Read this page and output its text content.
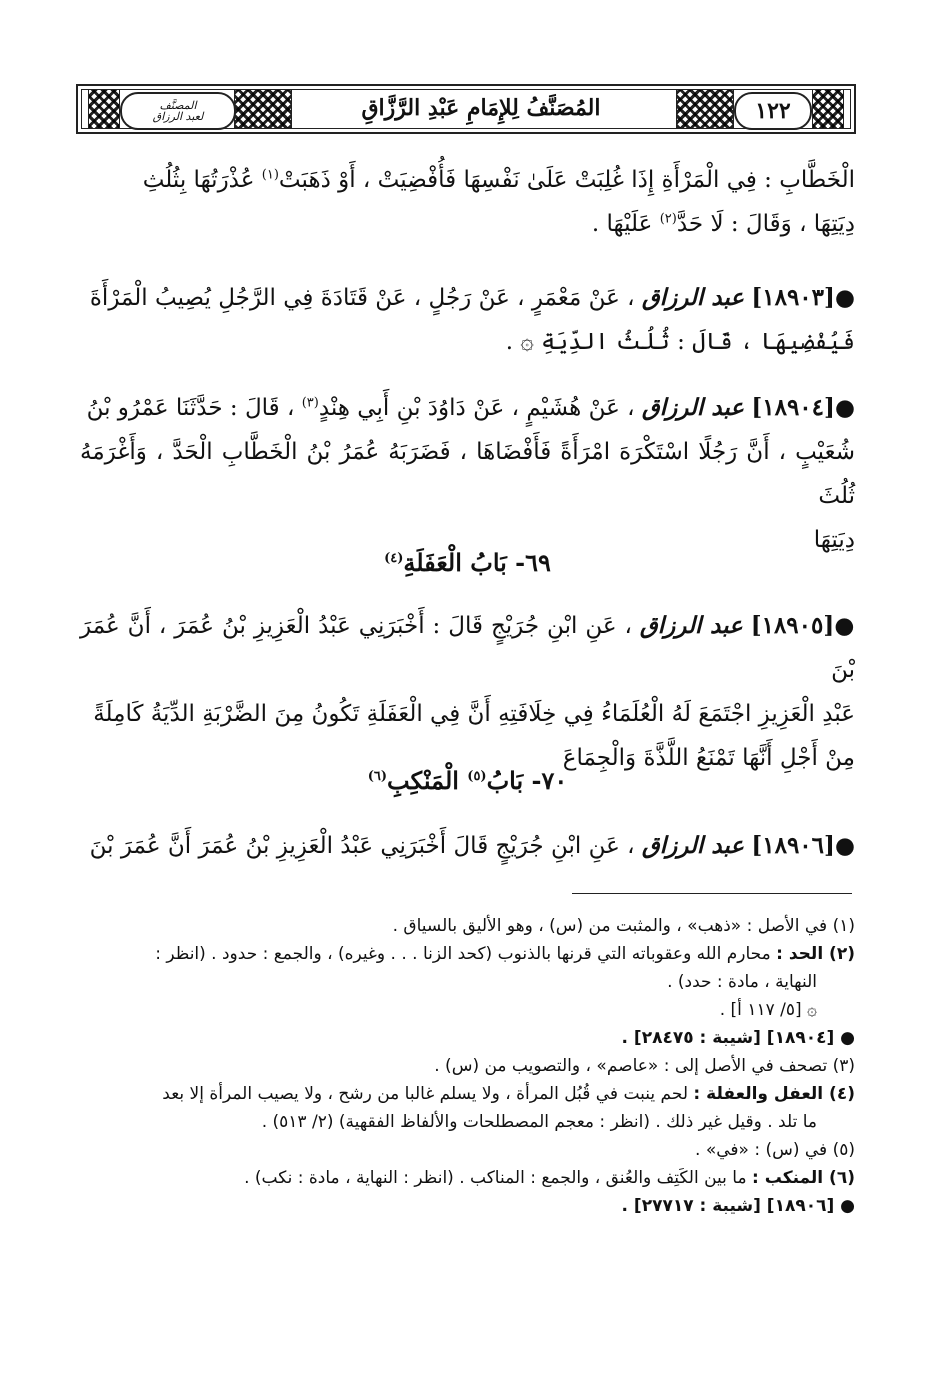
المصنَّف
لعبد الرزاق	المُصَنَّفُ لِلإِمَامِ عَبْدِ الرَّزَّاقِ	١٢٢

الْخَطَّابِ : فِي الْمَرْأَةِ إِذَا غُلِبَتْ عَلَىٰ نَفْسِهَا فَأُفْضِيَتْ ، أَوْ ذَهَبَتْ$^{(١)}$ عُذْرَتُهَا بِثُلُثِ

دِيَتِهَا ، وَقَالَ : لَا حَدَّ$^{(٢)}$ عَلَيْهَا .

●[١٨٩٠٣] عبد الرزاق ، عَنْ مَعْمَرٍ ، عَنْ رَجُلٍ ، عَنْ قَتَادَةَ فِي الرَّجُلِ يُصِيبُ الْمَرْأَةَ

فَيُفْضِيهَا ، قَالَ : ثُلُثُ الدِّيَةِ ۞ .

●[١٨٩٠٤] عبد الرزاق ، عَنْ هُشَيْمٍ ، عَنْ دَاوُدَ بْنِ أَبِي هِنْدٍ$^{(٣)}$ ، قَالَ : حَدَّثَنَا عَمْرُو بْنُ

شُعَيْبٍ ، أَنَّ رَجُلًا اسْتَكْرَهَ امْرَأَةً فَأَفْضَاهَا ، فَضَرَبَهُ عُمَرُ بْنُ الْخَطَّابِ الْحَدَّ ، وَأَغْرَمَهُ ثُلُثَ

دِيَتِهَا

٦٩- بَابُ الْعَفَلَةِ$^{(٤)}$

●[١٨٩٠٥] عبد الرزاق ، عَنِ ابْنِ جُرَيْجٍ قَالَ : أَخْبَرَنِي عَبْدُ الْعَزِيزِ بْنُ عُمَرَ ، أَنَّ عُمَرَ بْنَ

عَبْدِ الْعَزِيزِ اجْتَمَعَ لَهُ الْعُلَمَاءُ فِي خِلَافَتِهِ أَنَّ فِي الْعَفَلَةِ تَكُونُ مِنَ الضَّرْبَةِ الدِّيَةُ كَامِلَةً

مِنْ أَجْلِ أَنَّهَا تَمْنَعُ اللَّذَّةَ وَالْجِمَاعَ

٧٠- بَابُ$^{(٥)}$ الْمَنْكِبِ$^{(٦)}$

●[١٨٩٠٦] عبد الرزاق ، عَنِ ابْنِ جُرَيْجٍ قَالَ أَخْبَرَنِي عَبْدُ الْعَزِيزِ بْنُ عُمَرَ أَنَّ عُمَرَ بْنَ

(١) في الأصل : «ذهب» ، والمثبت من (س) ، وهو الأليق بالسياق .

(٢) الحد : محارم الله وعقوباته التي قرنها بالذنوب (كحد الزنا . . . وغيره) ، والجمع : حدود . (انظر :

النهاية ، مادة : حدد) .

۞ [٥/ ١١٧ أ] .

● [١٨٩٠٤] [شيبة : ٢٨٤٧٥] .

(٣) تصحف في الأصل إلى : «عاصم» ، والتصويب من (س) .

(٤) العفل والعفلة : لحم ينبت في قُبُل المرأة ، ولا يسلم غالبا من رشح ، ولا يصيب المرأة إلا بعد

ما تلد . وقيل غير ذلك . (انظر : معجم المصطلحات والألفاظ الفقهية) (٢/ ٥١٣) .

(٥) في (س) : «في» .

(٦) المنكب : ما بين الكَتِف والعُنق ، والجمع : المناكب . (انظر : النهاية ، مادة : نكب) .

● [١٨٩٠٦] [شيبة : ٢٧٧١٧] .
